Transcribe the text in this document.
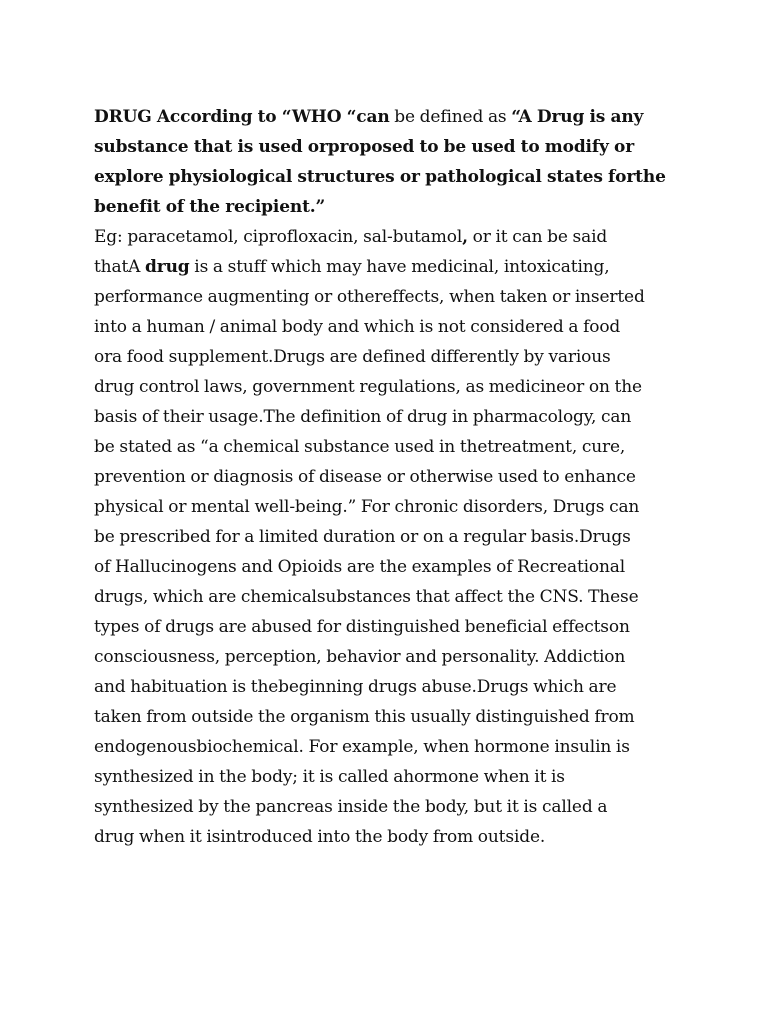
DRUG According to “WHO “can be defined as “A Drug is any
substance that is used orproposed to be used to modify or
explore physiological structures or pathological states forthe
benefit of the recipient.”
Eg: paracetamol, ciprofloxacin, sal-butamol, or it can be said
thatA drug is a stuff which may have medicinal, intoxicating,
performance augmenting or othereffects, when taken or inserted
into a human / animal body and which is not considered a food
ora food supplement.Drugs are defined differently by various
drug control laws, government regulations, as medicineor on the
basis of their usage.The definition of drug in pharmacology, can
be stated as “a chemical substance used in thetreatment, cure,
prevention or diagnosis of disease or otherwise used to enhance
physical or mental well-being.” For chronic disorders, Drugs can
be prescribed for a limited duration or on a regular basis.Drugs
of Hallucinogens and Opioids are the examples of Recreational
drugs, which are chemicalsubstances that affect the CNS. These
types of drugs are abused for distinguished beneficial effectson
consciousness, perception, behavior and personality. Addiction
and habituation is thebeginning drugs abuse.Drugs which are
taken from outside the organism this usually distinguished from
endogenousbiochemical. For example, when hormone insulin is
synthesized in the body; it is called ahormone when it is
synthesized by the pancreas inside the body, but it is called a
drug when it isintroduced into the body from outside.
